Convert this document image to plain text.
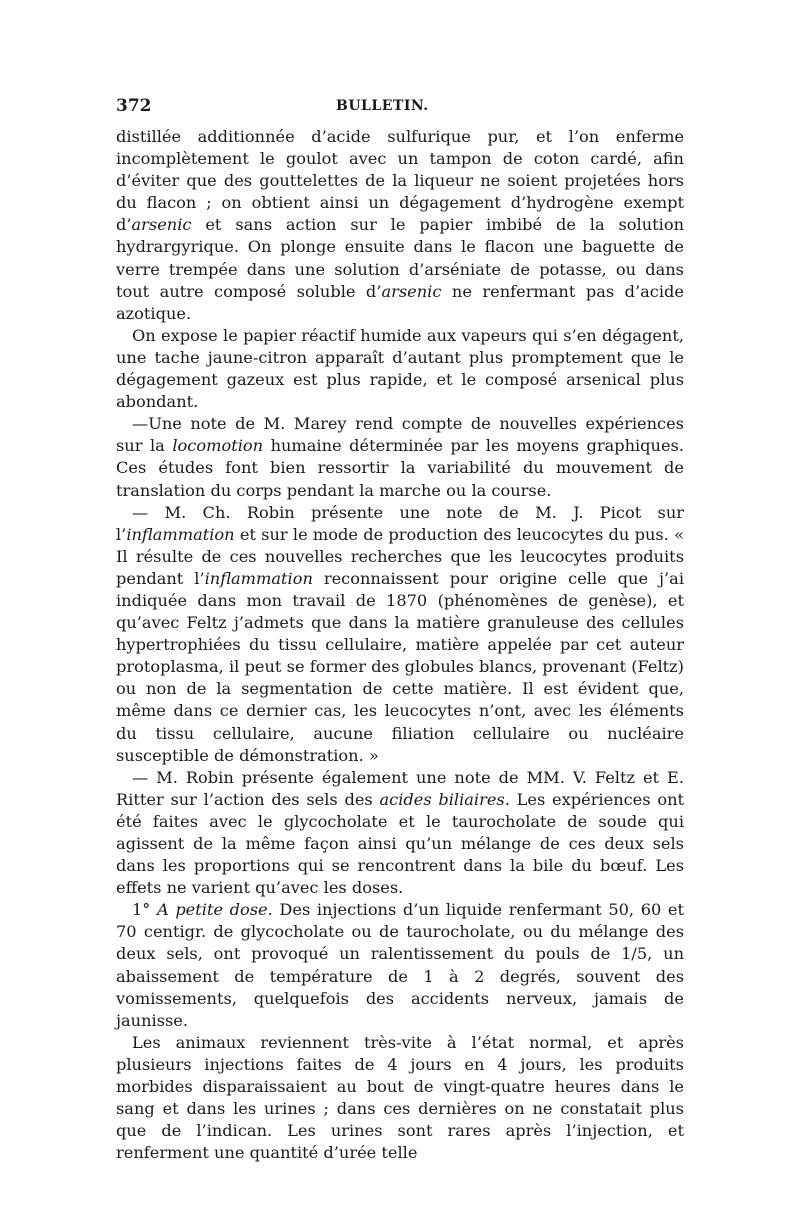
372	BULLETIN.

distillée additionnée d’acide sulfurique pur, et l’on enferme incomplètement le goulot avec un tampon de coton cardé, afin d’éviter que des gouttelettes de la liqueur ne soient projetées hors du flacon ; on obtient ainsi un dégagement d’hydrogène exempt d’arsenic et sans action sur le papier imbibé de la solution hydrargyrique. On plonge ensuite dans le flacon une baguette de verre trempée dans une solution d’arséniate de potasse, ou dans tout autre composé soluble d’arsenic ne renfermant pas d’acide azotique.

On expose le papier réactif humide aux vapeurs qui s’en dégagent, une tache jaune-citron apparaît d’autant plus promptement que le dégagement gazeux est plus rapide, et le composé arsenical plus abondant.

—Une note de M. Marey rend compte de nouvelles expériences sur la locomotion humaine déterminée par les moyens graphiques. Ces études font bien ressortir la variabilité du mouvement de translation du corps pendant la marche ou la course.

— M. Ch. Robin présente une note de M. J. Picot sur l’inflammation et sur le mode de production des leucocytes du pus. « Il résulte de ces nouvelles recherches que les leucocytes produits pendant l’inflammation reconnaissent pour origine celle que j’ai indiquée dans mon travail de 1870 (phénomènes de genèse), et qu’avec Feltz j’admets que dans la matière granuleuse des cellules hypertrophiées du tissu cellulaire, matière appelée par cet auteur protoplasma, il peut se former des globules blancs, provenant (Feltz) ou non de la segmentation de cette matière. Il est évident que, même dans ce dernier cas, les leucocytes n’ont, avec les éléments du tissu cellulaire, aucune filiation cellulaire ou nucléaire susceptible de démonstration. »

— M. Robin présente également une note de MM. V. Feltz et E. Ritter sur l’action des sels des acides biliaires. Les expériences ont été faites avec le glycocholate et le taurocholate de soude qui agissent de la même façon ainsi qu’un mélange de ces deux sels dans les proportions qui se rencontrent dans la bile du bœuf. Les effets ne varient qu’avec les doses.

1° A petite dose. Des injections d’un liquide renfermant 50, 60 et 70 centigr. de glycocholate ou de taurocholate, ou du mélange des deux sels, ont provoqué un ralentissement du pouls de 1/5, un abaissement de température de 1 à 2 degrés, souvent des vomissements, quelquefois des accidents nerveux, jamais de jaunisse.

Les animaux reviennent très-vite à l’état normal, et après plusieurs injections faites de 4 jours en 4 jours, les produits morbides disparaissaient au bout de vingt-quatre heures dans le sang et dans les urines ; dans ces dernières on ne constatait plus que de l’indican. Les urines sont rares après l’injection, et renferment une quantité d’urée telle
